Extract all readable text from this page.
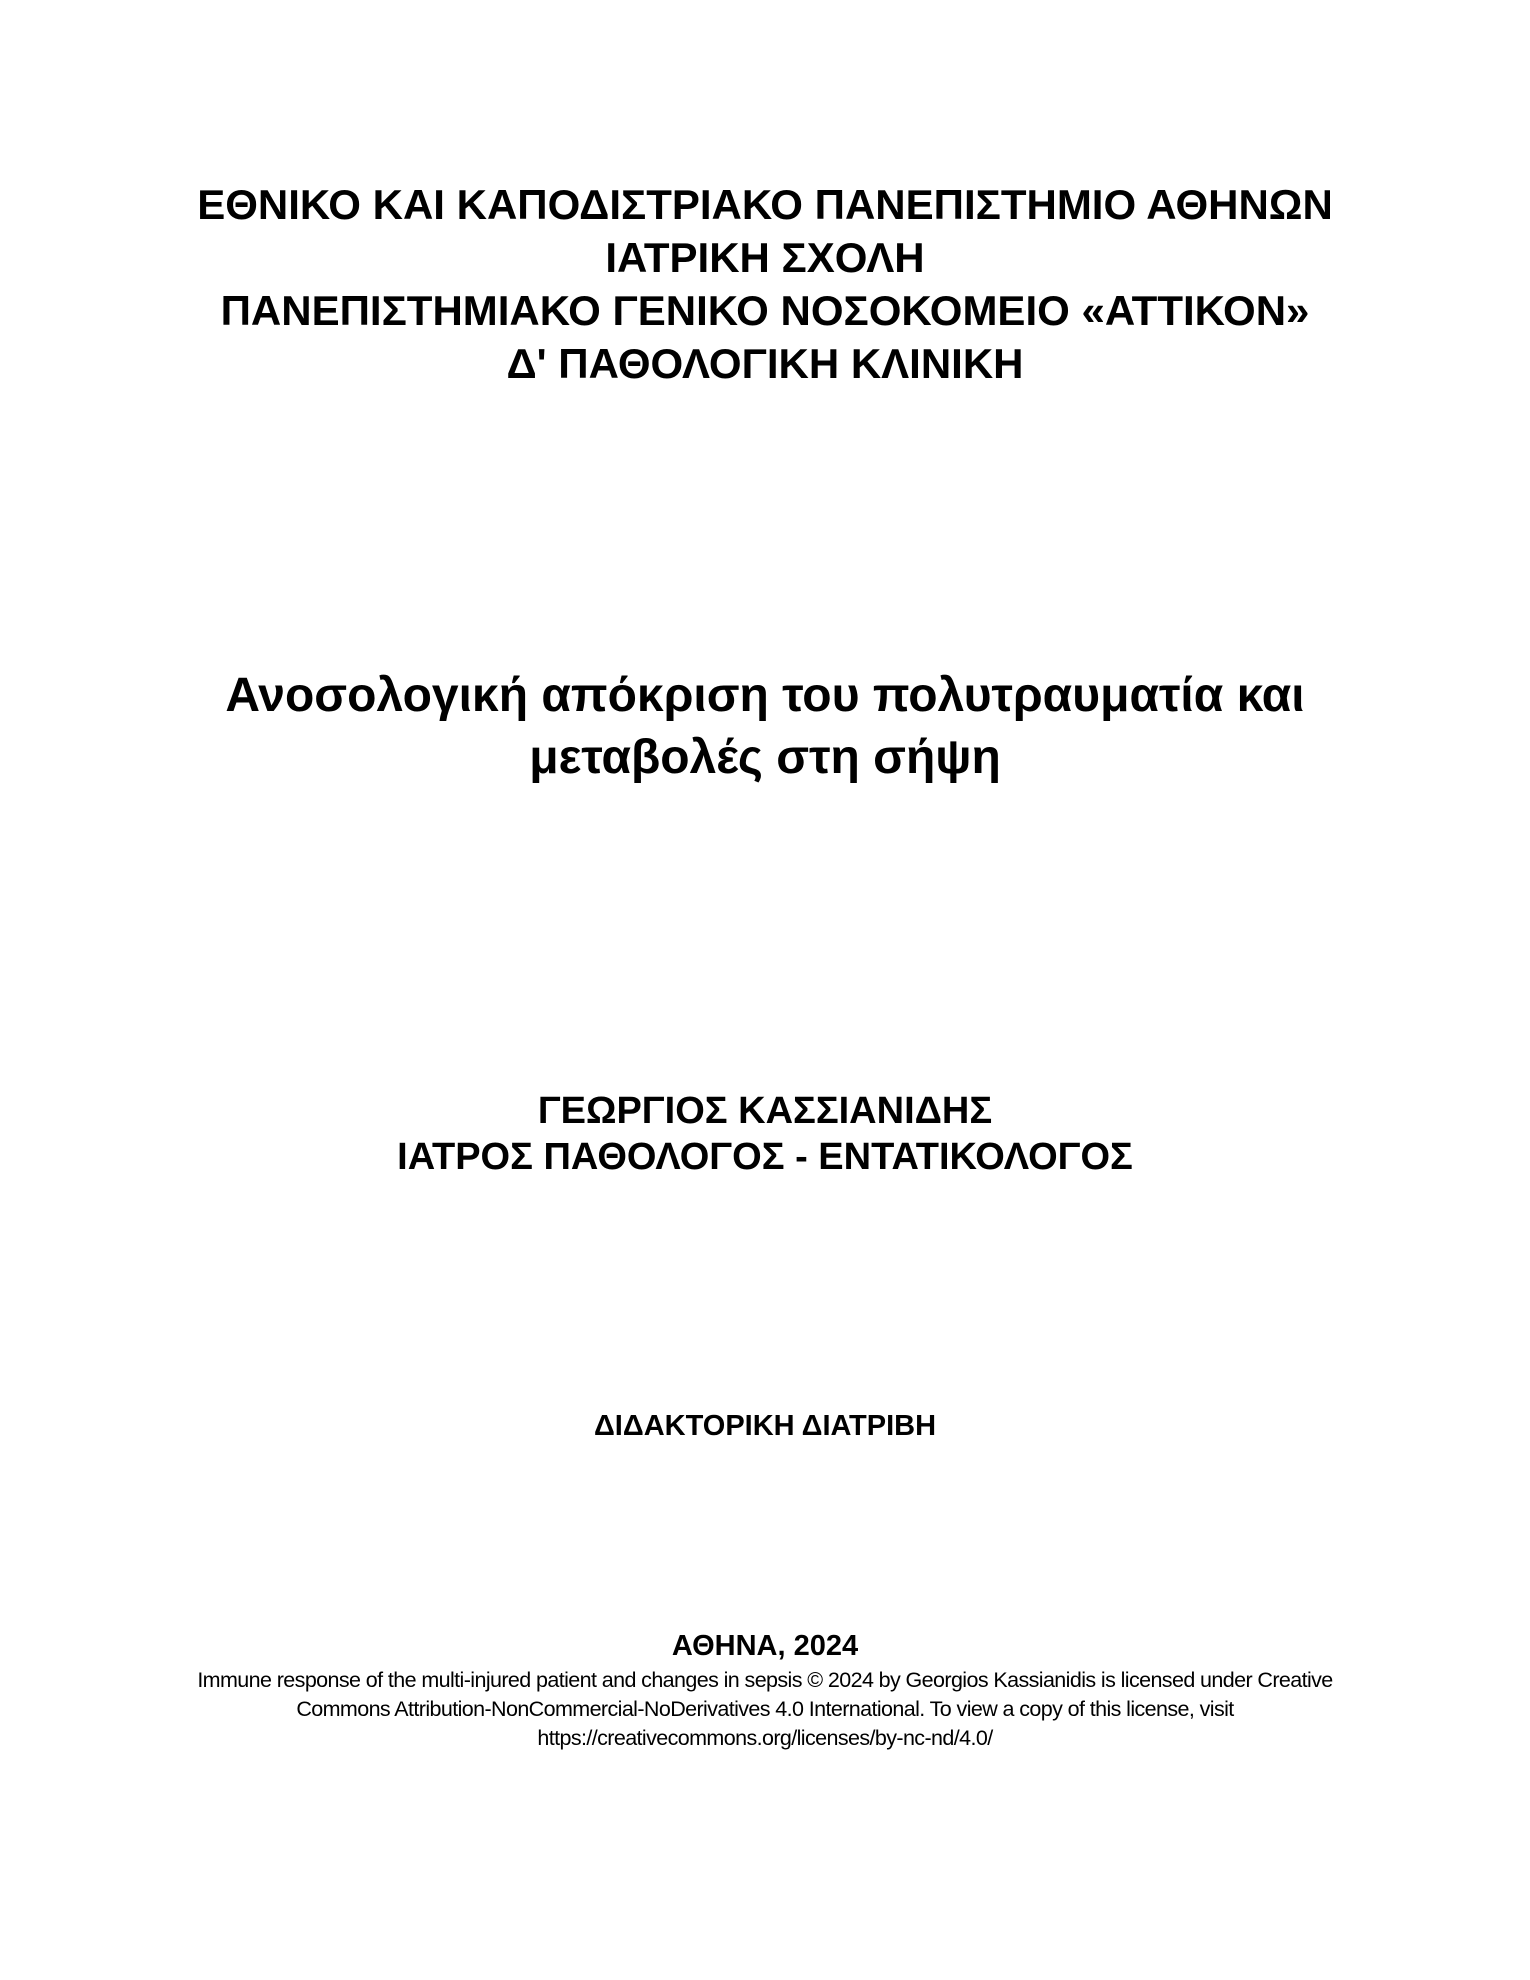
ΕΘΝΙΚΟ ΚΑΙ ΚΑΠΟΔΙΣΤΡΙΑΚΟ ΠΑΝΕΠΙΣΤΗΜΙΟ ΑΘΗΝΩΝ
ΙΑΤΡΙΚΗ ΣΧΟΛΗ
ΠΑΝΕΠΙΣΤΗΜΙΑΚΟ ΓΕΝΙΚΟ ΝΟΣΟΚΟΜΕΙΟ «ΑΤΤΙΚΟΝ»
Δ' ΠΑΘΟΛΟΓΙΚΗ ΚΛΙΝΙΚΗ
Ανοσολογική απόκριση του πολυτραυματία και
μεταβολές στη σήψη
ΓΕΩΡΓΙΟΣ ΚΑΣΣΙΑΝΙΔΗΣ
ΙΑΤΡΟΣ ΠΑΘΟΛΟΓΟΣ - ΕΝΤΑΤΙΚΟΛΟΓΟΣ
ΔΙΔΑΚΤΟΡΙΚΗ ΔΙΑΤΡΙΒΗ
ΑΘΗΝΑ, 2024
Immune response of the multi-injured patient and changes in sepsis © 2024 by Georgios Kassianidis is licensed under Creative
Commons Attribution-NonCommercial-NoDerivatives 4.0 International. To view a copy of this license, visit
https://creativecommons.org/licenses/by-nc-nd/4.0/
